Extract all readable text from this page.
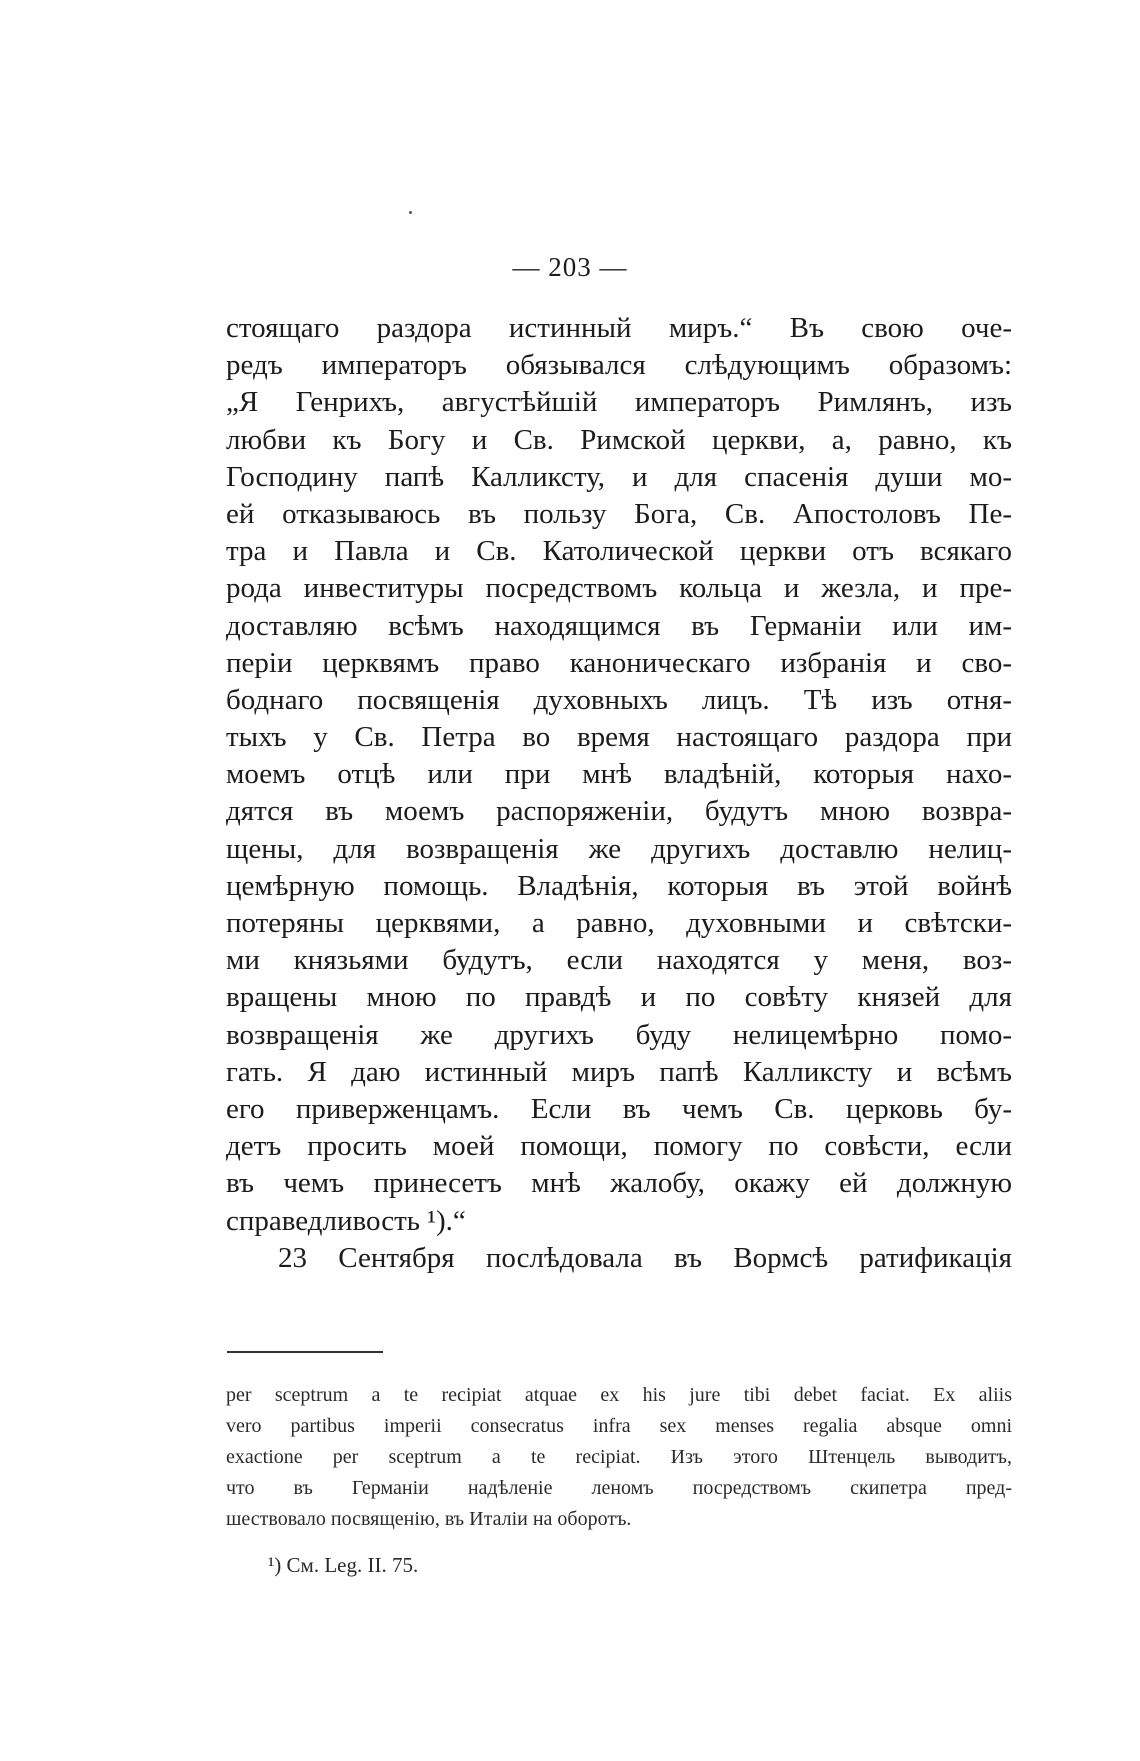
— 203 —
стоящаго раздора истинный миръ.“ Въ свою оче-
редъ императоръ обязывался слѣдующимъ образомъ:
„Я Генрихъ, августѣйшій императоръ Римлянъ, изъ
любви къ Богу и Св. Римской церкви, а, равно, къ
Господину папѣ Калликсту, и для спасенія души мо-
ей отказываюсь въ пользу Бога, Св. Апостоловъ Пе-
тра и Павла и Св. Католической церкви отъ всякаго
рода инвеституры посредствомъ кольца и жезла, и пре-
доставляю всѣмъ находящимся въ Германіи или им-
періи церквямъ право каноническаго избранія и сво-
боднаго посвященія духовныхъ лицъ. Тѣ изъ отня-
тыхъ у Св. Петра во время настоящаго раздора при
моемъ отцѣ или при мнѣ владѣній, которыя нахо-
дятся въ моемъ распоряженіи, будутъ мною возвра-
щены, для возвращенія же другихъ доставлю нелиц-
цемѣрную помощь. Владѣнія, которыя въ этой войнѣ
потеряны церквями, а равно, духовными и свѣтски-
ми князьями будутъ, если находятся у меня, воз-
вращены мною по правдѣ и по совѣту князей для
возвращенія же другихъ буду нелицемѣрно помо-
гать. Я даю истинный миръ папѣ Калликсту и всѣмъ
его приверженцамъ. Если въ чемъ Св. церковь бу-
детъ просить моей помощи, помогу по совѣсти, если
въ чемъ принесетъ мнѣ жалобу, окажу ей должную
справедливость ¹).“
23 Сентября послѣдовала въ Вормсѣ ратификація
per sceptrum a te recipiat atquae ex his jure tibi debet faciat. Ex aliis
vero partibus imperii consecratus infra sex menses regalia absque omni
exactione per sceptrum a te recipiat. Изъ этого Штенцель выводитъ,
что въ Германіи надѣленіе леномъ посредствомъ скипетра пред-
шествовало посвященію, въ Италіи на оборотъ.
¹) См. Leg. II. 75.
